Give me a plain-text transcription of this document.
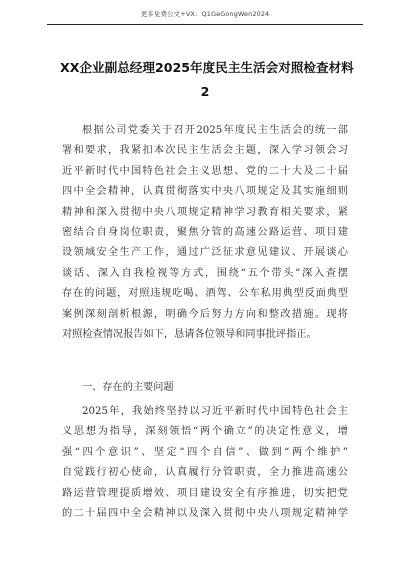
更多免费公文+VX：Q1GeGongWen2024
XX企业副总经理2025年度民主生活会对照检查材料
2
根据公司党委关于召开2025年度民主生活会的统一部
署和要求，我紧扣本次民主生活会主题，深入学习领会习
近平新时代中国特色社会主义思想、党的二十大及二十届
四中全会精神，认真贯彻落实中央八项规定及其实施细则
精神和深入贯彻中央八项规定精神学习教育相关要求，紧
密结合自身岗位职责，聚焦分管的高速公路运营、项目建
设领域安全生产工作，通过广泛征求意见建议、开展谈心
谈话、深入自我检视等方式，围绕“五个带头”深入查摆
存在的问题，对照违规吃喝、酒驾、公车私用典型反面典型
案例深刻剖析根源，明确今后努力方向和整改措施。现将
对照检查情况报告如下，恳请各位领导和同事批评指正。
一、存在的主要问题
2025年，我始终坚持以习近平新时代中国特色社会主
义思想为指导，深刻领悟“两个确立”的决定性意义，增
强“四个意识”、坚定“四个自信”、做到“两个维护”
自觉践行初心使命，认真履行分管职责，全力推进高速公
路运营管理提质增效、项目建设安全有序推进，切实把党
的二十届四中全会精神以及深入贯彻中央八项规定精神学
